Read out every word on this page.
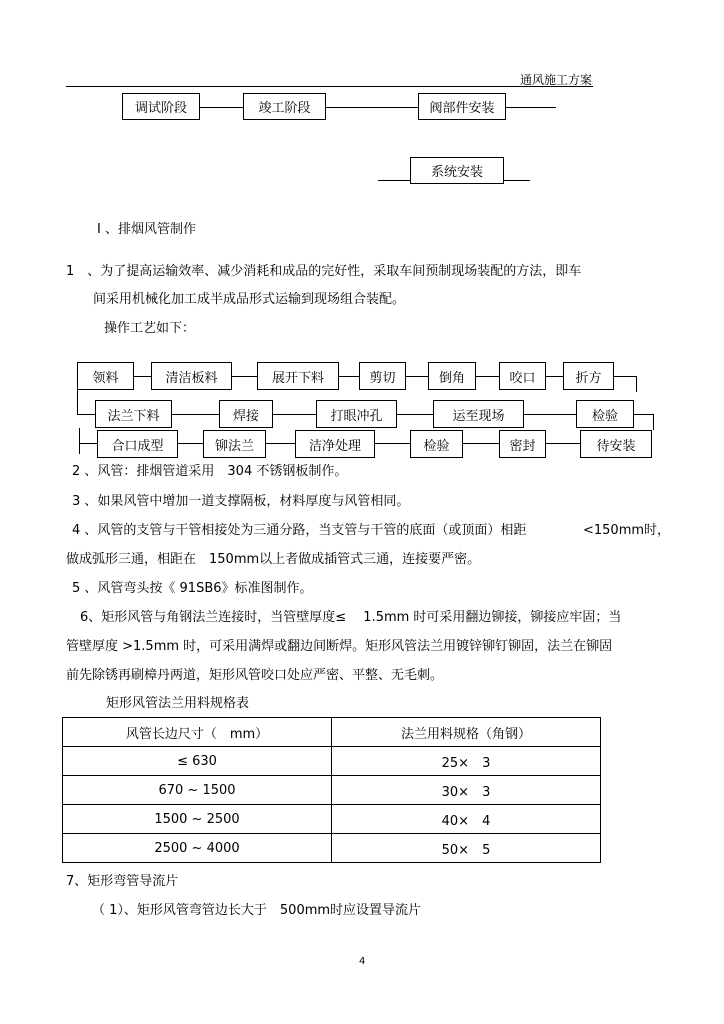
通风施工方案
调试阶段	竣工阶段	阀部件安装
系统安装
Ⅰ 、排烟风管制作
1　、为了提高运输效率、减少消耗和成品的完好性，采取车间预制现场装配的方法，即车
间采用机械化加工成半成品形式运输到现场组合装配。
操作工艺如下：
领料	清洁板料	展开下料	剪切	倒角	咬口	折方
法兰下料	焊接	打眼冲孔	运至现场	检验
合口成型	铆法兰	洁净处理	检验	密封	待安装
2 、风管：排烟管道采用　304 不锈钢板制作。
3 、如果风管中增加一道支撑隔板，材料厚度与风管相同。
4 、风管的支管与干管相接处为三通分路，当支管与干管的底面（或顶面）相距	<150mm时，
做成弧形三通，相距在　150mm以上者做成插管式三通，连接要严密。
5 、风管弯头按《 91SB6》标准图制作。
6、矩形风管与角钢法兰连接时，当管壁厚度≤　 1.5mm 时可采用翻边铆接，铆接应牢固；当
管壁厚度 >1.5mm 时，可采用满焊或翻边间断焊。矩形风管法兰用镀锌铆钉铆固，法兰在铆固
前先除锈再刷樟丹两道，矩形风管咬口处应严密、平整、无毛刺。
矩形风管法兰用料规格表
风管长边尺寸（　mm）	法兰用料规格（角钢）
≤ 630	25×　3
670 ~ 1500	30×　3
1500 ~ 2500	40×　4
2500 ~ 4000	50×　5
7、矩形弯管导流片
（ 1）、矩形风管弯管边长大于　500mm时应设置导流片
4
